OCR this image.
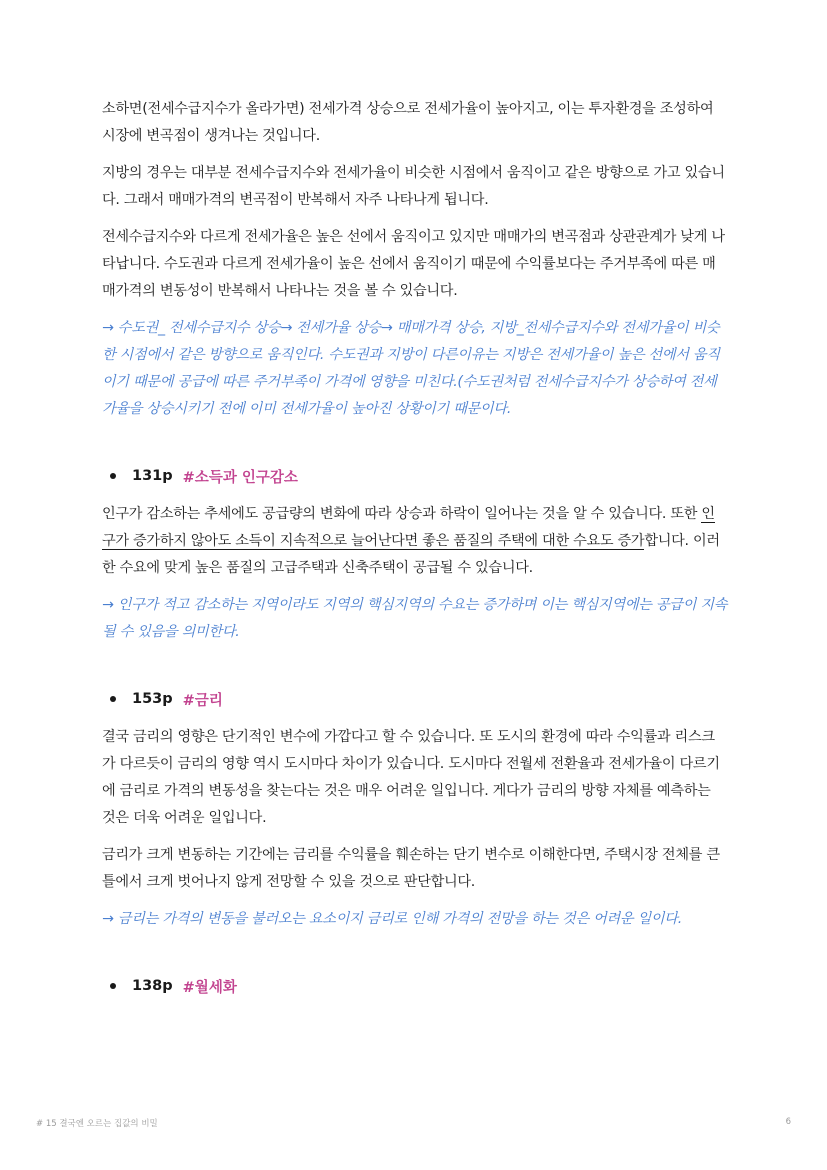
소하면(전세수급지수가 올라가면) 전세가격 상승으로 전세가율이 높아지고, 이는 투자환경을 조성하여 시장에 변곡점이 생겨나는 것입니다.

지방의 경우는 대부분 전세수급지수와 전세가율이 비슷한 시점에서 움직이고 같은 방향으로 가고 있습니다. 그래서 매매가격의 변곡점이 반복해서 자주 나타나게 됩니다.

전세수급지수와 다르게 전세가율은 높은 선에서 움직이고 있지만 매매가의 변곡점과 상관관계가 낮게 나타납니다. 수도권과 다르게 전세가율이 높은 선에서 움직이기 때문에 수익률보다는 주거부족에 따른 매매가격의 변동성이 반복해서 나타나는 것을 볼 수 있습니다.

→ 수도권_ 전세수급지수 상승→ 전세가율 상승→ 매매가격 상승, 지방_전세수급지수와 전세가율이 비슷한 시점에서 같은 방향으로 움직인다. 수도권과 지방이 다른이유는 지방은 전세가율이 높은 선에서 움직이기 때문에 공급에 따른 주거부족이 가격에 영향을 미친다.(수도권처럼 전세수급지수가 상승하여 전세가율을 상승시키기 전에 이미 전세가율이 높아진 상황이기 때문이다.

131p #소득과 인구감소

인구가 감소하는 추세에도 공급량의 변화에 따라 상승과 하락이 일어나는 것을 알 수 있습니다. 또한 인구가 증가하지 않아도 소득이 지속적으로 늘어난다면 좋은 품질의 주택에 대한 수요도 증가합니다. 이러한 수요에 맞게 높은 품질의 고급주택과 신축주택이 공급될 수 있습니다.

→ 인구가 적고 감소하는 지역이라도 지역의 핵심지역의 수요는 증가하며 이는 핵심지역에는 공급이 지속될 수 있음을 의미한다.

153p #금리

결국 금리의 영향은 단기적인 변수에 가깝다고 할 수 있습니다. 또 도시의 환경에 따라 수익률과 리스크가 다르듯이 금리의 영향 역시 도시마다 차이가 있습니다. 도시마다 전월세 전환율과 전세가율이 다르기에 금리로 가격의 변동성을 찾는다는 것은 매우 어려운 일입니다. 게다가 금리의 방향 자체를 예측하는 것은 더욱 어려운 일입니다.

금리가 크게 변동하는 기간에는 금리를 수익률을 훼손하는 단기 변수로 이해한다면, 주택시장 전체를 큰 틀에서 크게 벗어나지 않게 전망할 수 있을 것으로 판단합니다.

→ 금리는 가격의 변동을 불러오는 요소이지 금리로 인해 가격의 전망을 하는 것은 어려운 일이다.

138p #월세화
# 15 결국엔 오르는 집값의 비밀	6
